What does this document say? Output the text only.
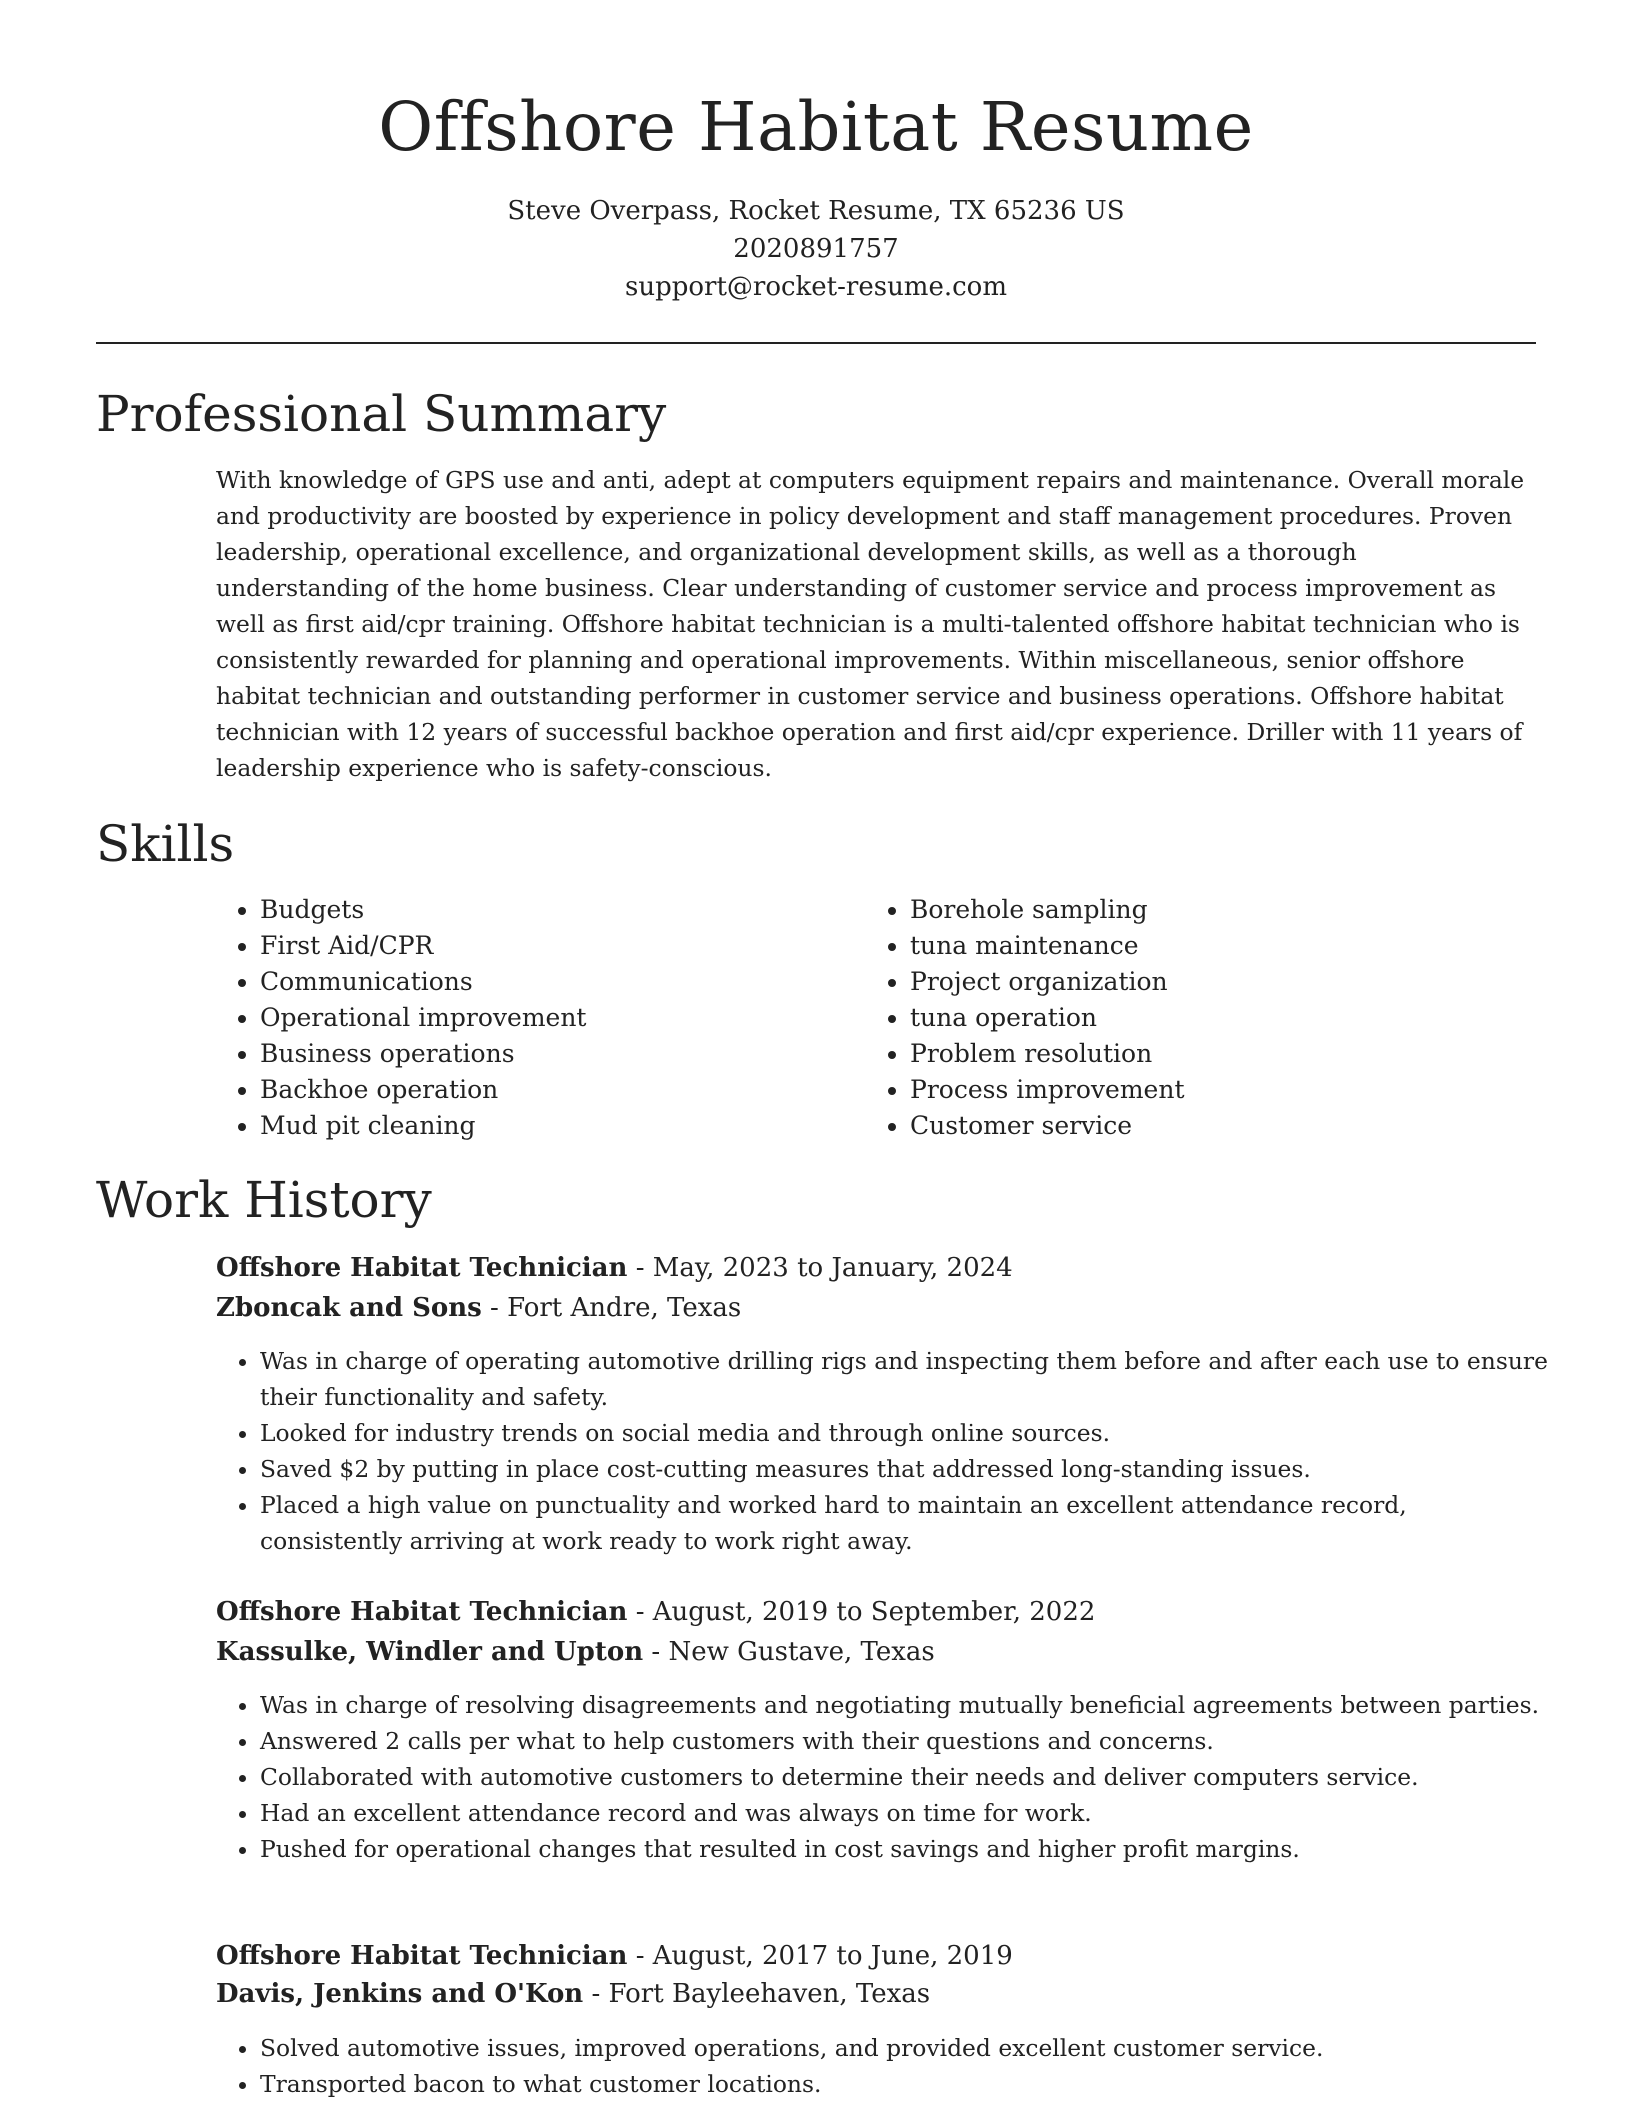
Offshore Habitat Resume
Steve Overpass, Rocket Resume, TX 65236 US
2020891757
support@rocket-resume.com
Professional Summary

With knowledge of GPS use and anti, adept at computers equipment repairs and maintenance. Overall morale and productivity are boosted by experience in policy development and staff management procedures. Proven leadership, operational excellence, and organizational development skills, as well as a thorough understanding of the home business. Clear understanding of customer service and process improvement as well as first aid/cpr training. Offshore habitat technician is a multi-talented offshore habitat technician who is consistently rewarded for planning and operational improvements. Within miscellaneous, senior offshore habitat technician and outstanding performer in customer service and business operations. Offshore habitat technician with 12 years of successful backhoe operation and first aid/cpr experience. Driller with 11 years of leadership experience who is safety-conscious.

Skills
• Budgets
• First Aid/CPR
• Communications
• Operational improvement
• Business operations
• Backhoe operation
• Mud pit cleaning
• Borehole sampling
• tuna maintenance
• Project organization
• tuna operation
• Problem resolution
• Process improvement
• Customer service
Work History
Offshore Habitat Technician - May, 2023 to January, 2024
Zboncak and Sons - Fort Andre, Texas
• Was in charge of operating automotive drilling rigs and inspecting them before and after each use to ensure their functionality and safety.
• Looked for industry trends on social media and through online sources.
• Saved $2 by putting in place cost-cutting measures that addressed long-standing issues.
• Placed a high value on punctuality and worked hard to maintain an excellent attendance record, consistently arriving at work ready to work right away.
Offshore Habitat Technician - August, 2019 to September, 2022
Kassulke, Windler and Upton - New Gustave, Texas
• Was in charge of resolving disagreements and negotiating mutually beneficial agreements between parties.
• Answered 2 calls per what to help customers with their questions and concerns.
• Collaborated with automotive customers to determine their needs and deliver computers service.
• Had an excellent attendance record and was always on time for work.
• Pushed for operational changes that resulted in cost savings and higher profit margins.
Offshore Habitat Technician - August, 2017 to June, 2019
Davis, Jenkins and O'Kon - Fort Bayleehaven, Texas
• Solved automotive issues, improved operations, and provided excellent customer service.
• Transported bacon to what customer locations.
